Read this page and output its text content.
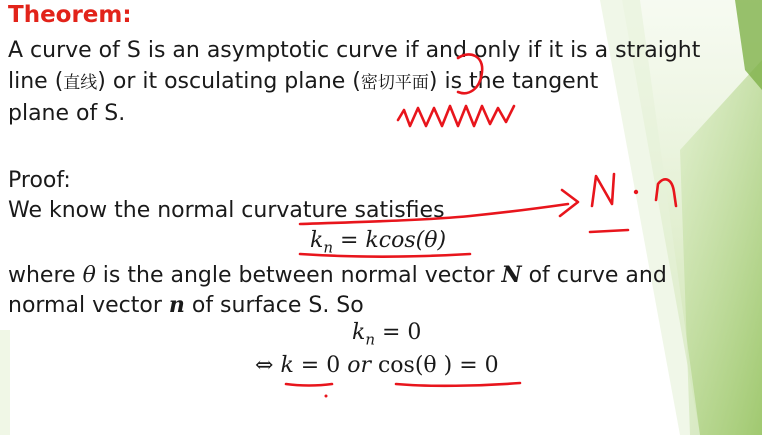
Theorem:
A curve of S is an asymptotic curve if and only if it is a straight
line (直线) or it osculating plane (密切平面) is the tangent
plane of S.
Proof:
We know the normal curvature satisfies
$k_n = kcos(\theta)$
where θ is the angle between normal vector N of curve and
normal vector n of surface S. So
$k_n = 0$
⇔ k = 0 or cos(θ ) = 0
